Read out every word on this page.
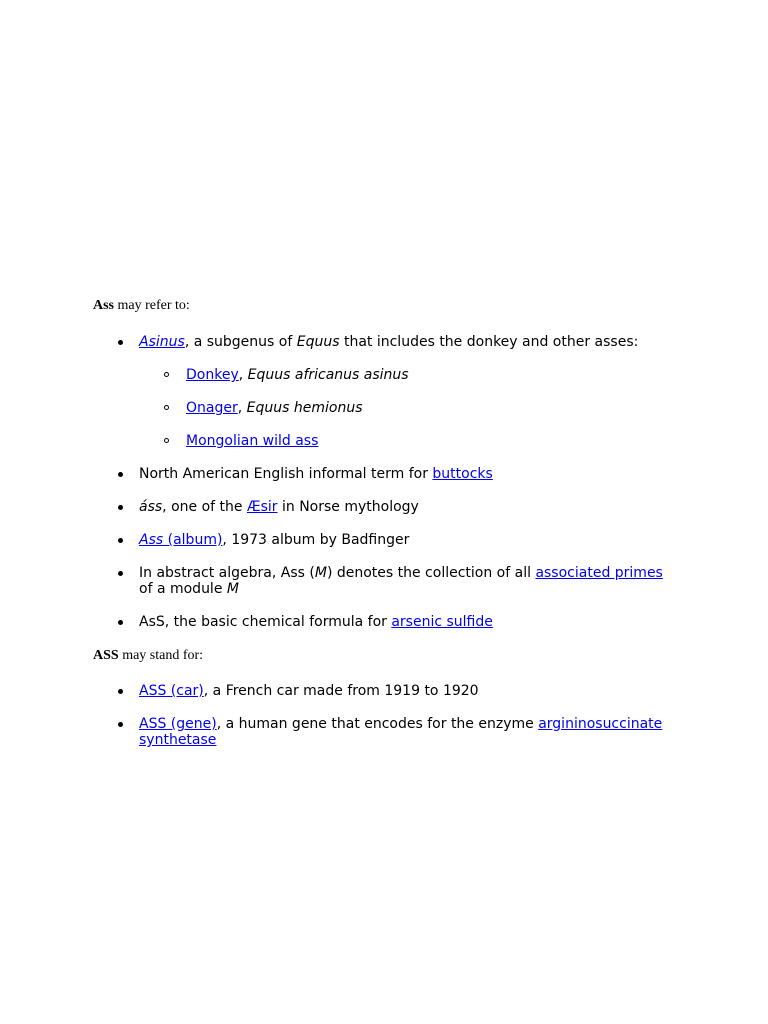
Ass may refer to:

Asinus, a subgenus of Equus that includes the donkey and other asses:
Donkey, Equus africanus asinus
Onager, Equus hemionus
Mongolian wild ass
North American English informal term for buttocks
áss, one of the Æsir in Norse mythology
Ass (album), 1973 album by Badfinger
In abstract algebra, Ass (M) denotes the collection of all associated primes
of a module M
AsS, the basic chemical formula for arsenic sulfide

ASS may stand for:

ASS (car), a French car made from 1919 to 1920
ASS (gene), a human gene that encodes for the enzyme argininosuccinate
synthetase
